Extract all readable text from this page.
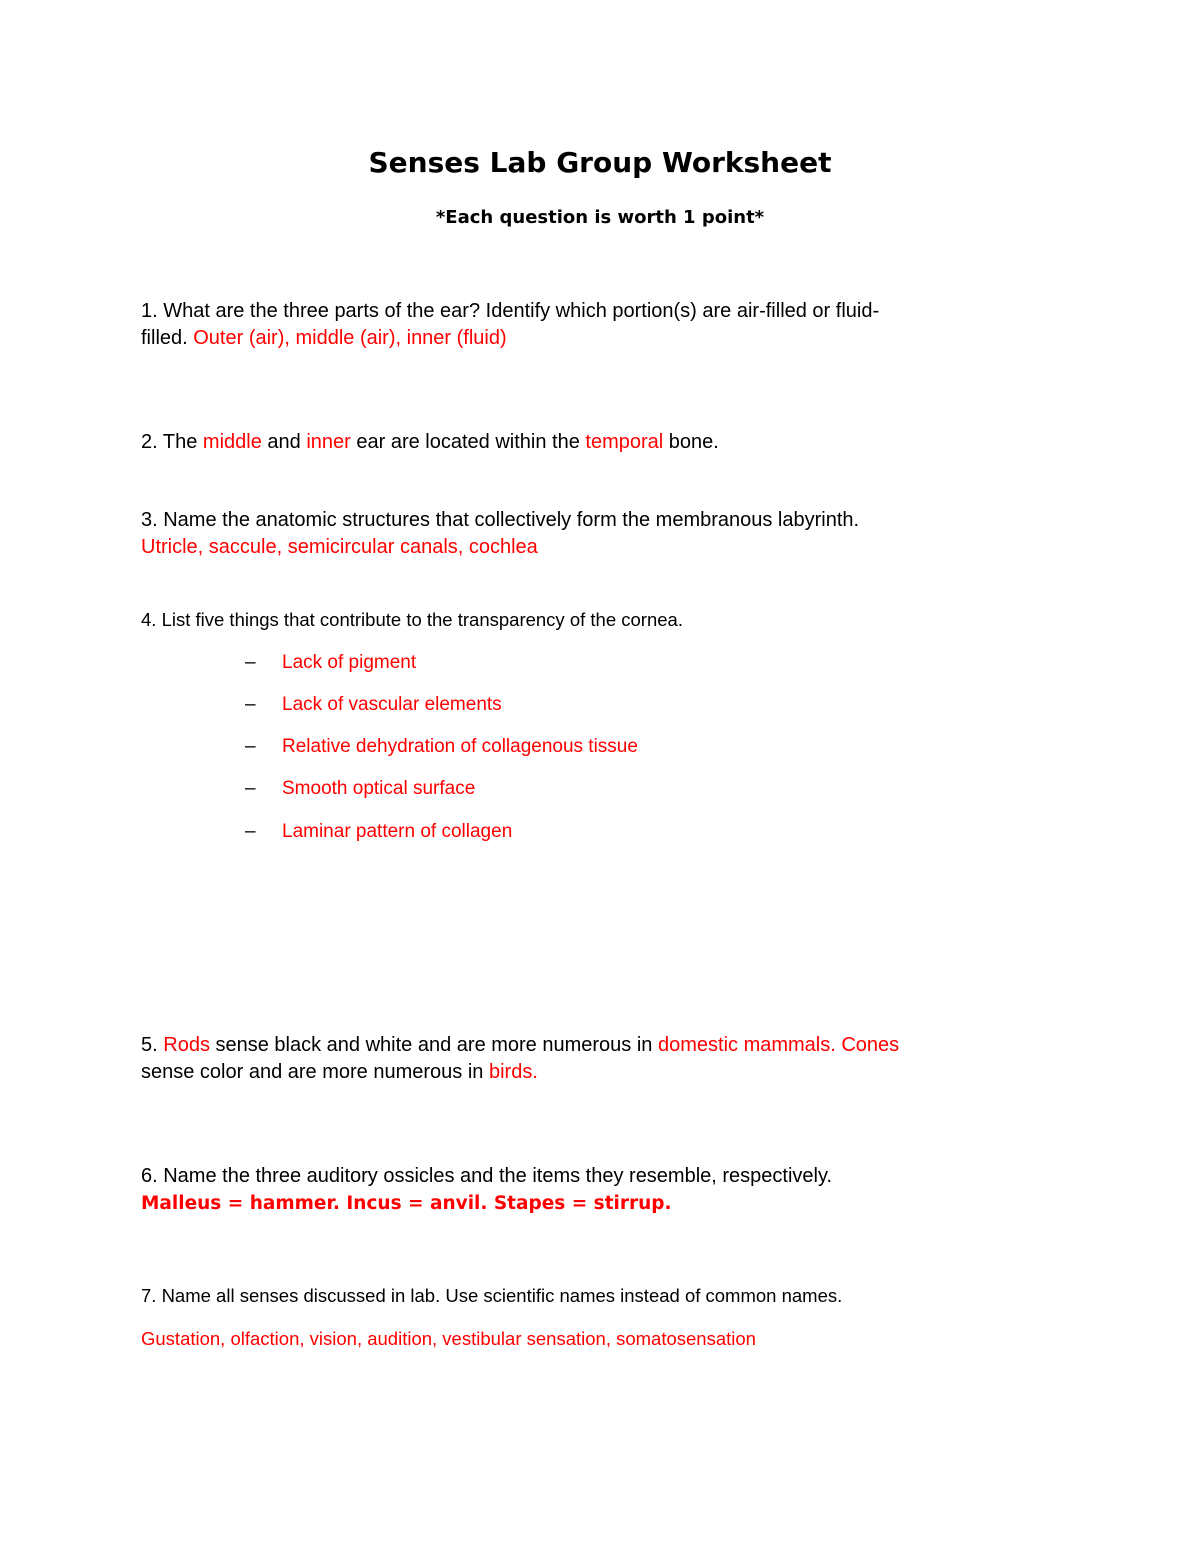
Senses Lab Group Worksheet
*Each question is worth 1 point*
1. What are the three parts of the ear? Identify which portion(s) are air-filled or fluid-
filled. Outer (air), middle (air), inner (fluid)
2. The middle and inner ear are located within the temporal bone.
3. Name the anatomic structures that collectively form the membranous labyrinth.
Utricle, saccule, semicircular canals, cochlea
4. List five things that contribute to the transparency of the cornea.
– Lack of pigment
– Lack of vascular elements
– Relative dehydration of collagenous tissue
– Smooth optical surface
– Laminar pattern of collagen
5. Rods sense black and white and are more numerous in domestic mammals. Cones
sense color and are more numerous in birds.
6. Name the three auditory ossicles and the items they resemble, respectively.
Malleus = hammer. Incus = anvil. Stapes = stirrup.
7. Name all senses discussed in lab. Use scientific names instead of common names.
Gustation, olfaction, vision, audition, vestibular sensation, somatosensation
